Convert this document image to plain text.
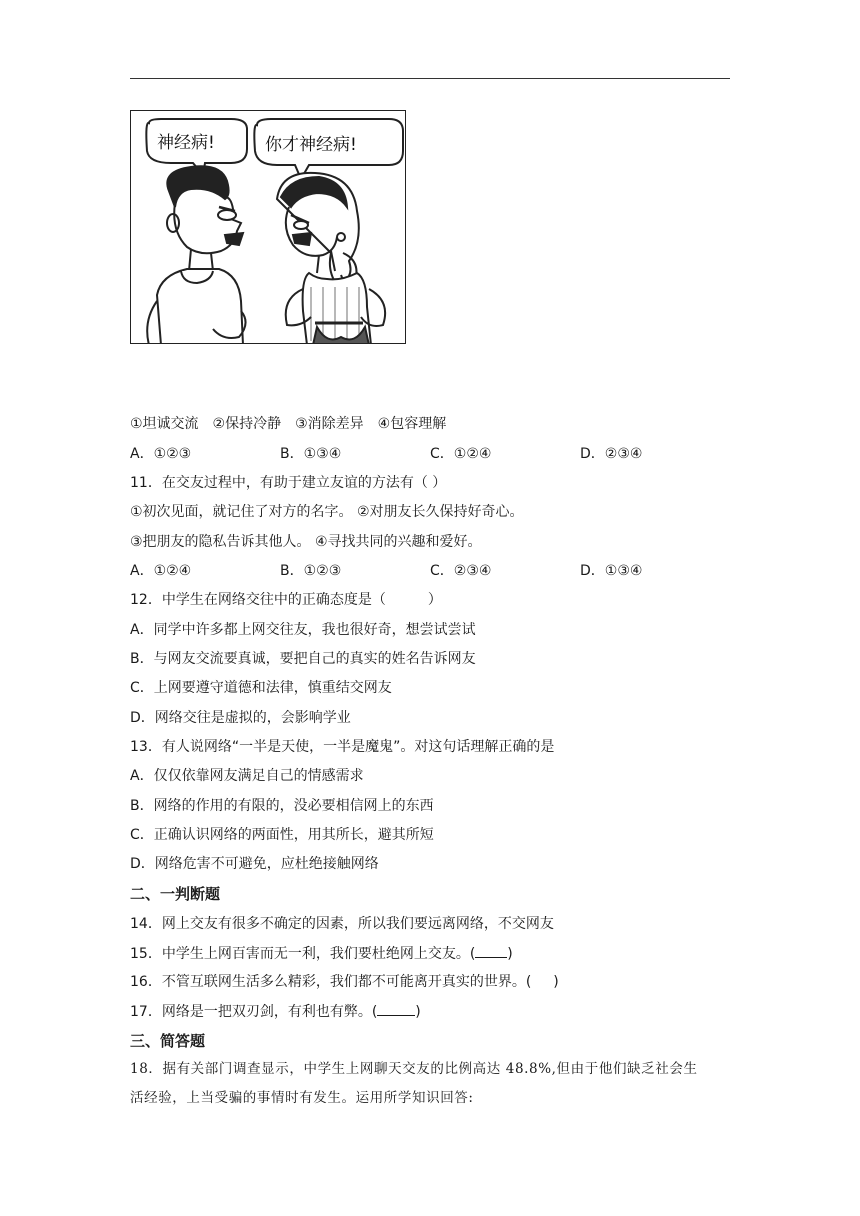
神经病!	你才神经病!
①坦诚交流　②保持冷静　③消除差异　④包容理解
A．①②③	B．①③④	C．①②④	D．②③④
11．在交友过程中，有助于建立友谊的方法有（ ）
①初次见面，就记住了对方的名字。 ②对朋友长久保持好奇心。
③把朋友的隐私告诉其他人。 ④寻找共同的兴趣和爱好。
A．①②④	B．①②③	C．②③④	D．①③④
12．中学生在网络交往中的正确态度是（　　　）
A．同学中许多都上网交往友，我也很好奇，想尝试尝试
B．与网友交流要真诚，要把自己的真实的姓名告诉网友
C．上网要遵守道德和法律，慎重结交网友
D．网络交往是虚拟的，会影响学业
13．有人说网络“一半是天使，一半是魔鬼”。对这句话理解正确的是
A．仅仅依靠网友满足自己的情感需求
B．网络的作用的有限的，没必要相信网上的东西
C．正确认识网络的两面性，用其所长，避其所短
D．网络危害不可避免，应杜绝接触网络
二、一判断题
14．网上交友有很多不确定的因素，所以我们要远离网络，不交网友
15．中学生上网百害而无一利，我们要杜绝网上交友。( )
16．不管互联网生活多么精彩，我们都不可能离开真实的世界。( )
17．网络是一把双刃剑，有利也有弊。(	)
三、简答题
18．据有关部门调查显示，中学生上网聊天交友的比例高达 48.8%,但由于他们缺乏社会生
活经验，上当受骗的事情时有发生。运用所学知识回答:
